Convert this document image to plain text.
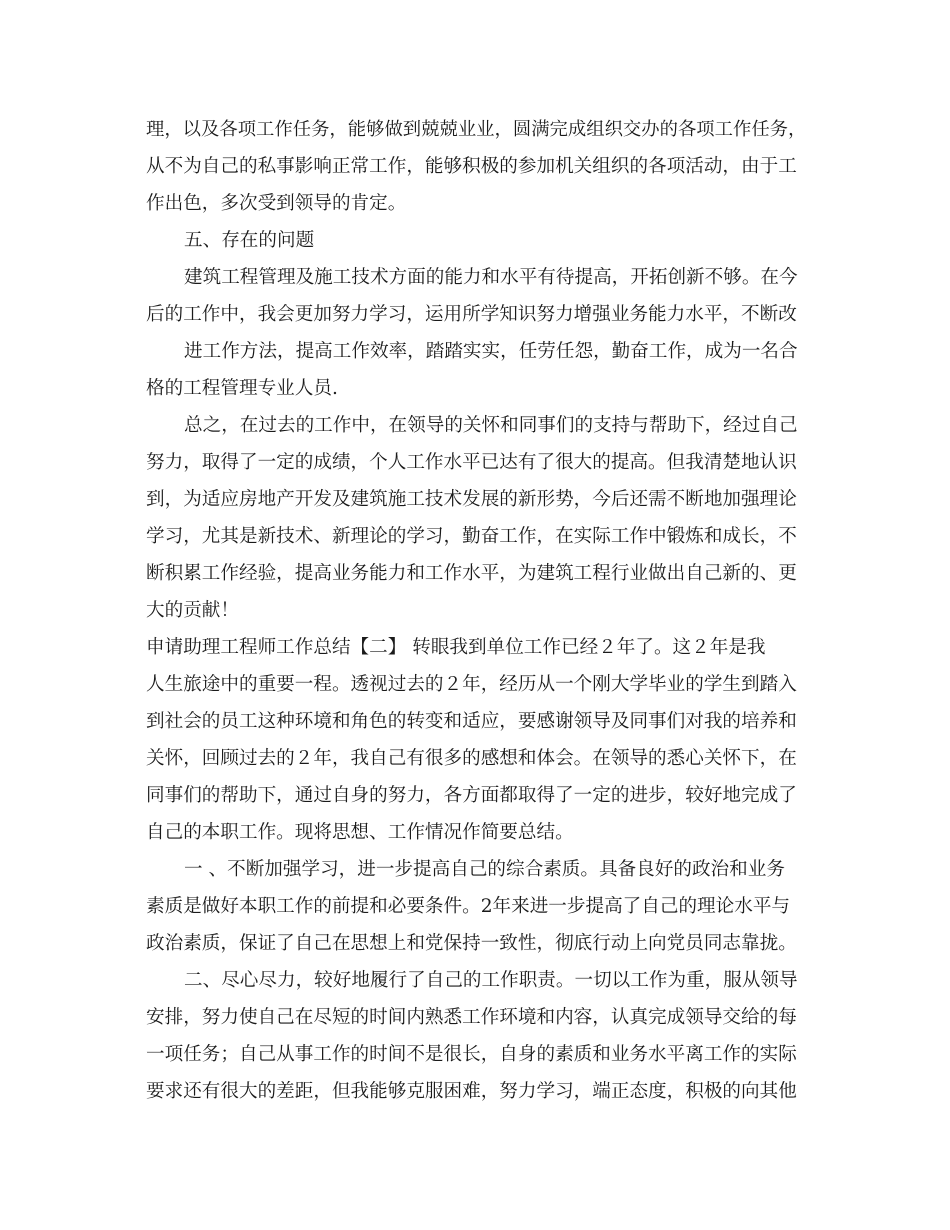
理，以及各项工作任务，能够做到兢兢业业，圆满完成组织交办的各项工作任务，
从不为自己的私事影响正常工作，能够积极的参加机关组织的各项活动，由于工
作出色，多次受到领导的肯定。
五、存在的问题
建筑工程管理及施工技术方面的能力和水平有待提高，开拓创新不够。在今
后的工作中，我会更加努力学习，运用所学知识努力增强业务能力水平，不断改
进工作方法，提高工作效率，踏踏实实，任劳任怨，勤奋工作，成为一名合
格的工程管理专业人员.
总之，在过去的工作中，在领导的关怀和同事们的支持与帮助下，经过自己
努力，取得了一定的成绩，个人工作水平已达有了很大的提高。但我清楚地认识
到，为适应房地产开发及建筑施工技术发展的新形势，今后还需不断地加强理论
学习，尤其是新技术、新理论的学习，勤奋工作，在实际工作中锻炼和成长，不
断积累工作经验，提高业务能力和工作水平，为建筑工程行业做出自己新的、更
大的贡献！
申请助理工程师工作总结【二】 转眼我到单位工作已经２年了。这２年是我
人生旅途中的重要一程。透视过去的２年，经历从一个刚大学毕业的学生到踏入
到社会的员工这种环境和角色的转变和适应，要感谢领导及同事们对我的培养和
关怀，回顾过去的２年，我自己有很多的感想和体会。在领导的悉心关怀下，在
同事们的帮助下，通过自身的努力，各方面都取得了一定的进步，较好地完成了
自己的本职工作。现将思想、工作情况作简要总结。
一 、不断加强学习，进一步提高自己的综合素质。具备良好的政治和业务
素质是做好本职工作的前提和必要条件。2年来进一步提高了自己的理论水平与
政治素质，保证了自己在思想上和党保持一致性，彻底行动上向党员同志靠拢。
二、尽心尽力，较好地履行了自己的工作职责。一切以工作为重，服从领导
安排，努力使自己在尽短的时间内熟悉工作环境和内容，认真完成领导交给的每
一项任务；自己从事工作的时间不是很长，自身的素质和业务水平离工作的实际
要求还有很大的差距，但我能够克服困难，努力学习，端正态度，积极的向其他
